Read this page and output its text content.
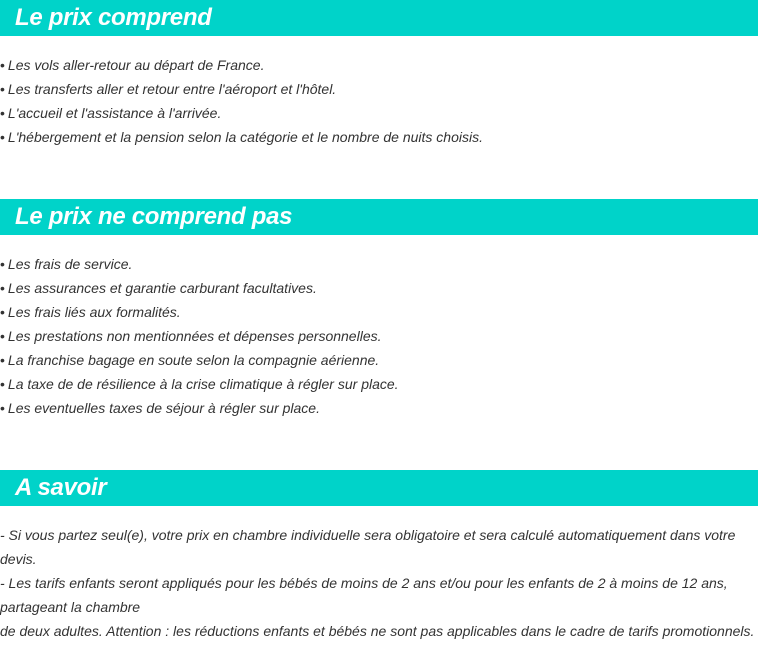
Le prix comprend
• Les vols aller-retour au départ de France.
• Les transferts aller et retour entre l'aéroport et l'hôtel.
• L'accueil et l'assistance à l'arrivée.
• L'hébergement et la pension selon la catégorie et le nombre de nuits choisis.
Le prix ne comprend pas
• Les frais de service.
• Les assurances et garantie carburant facultatives.
• Les frais liés aux formalités.
• Les prestations non mentionnées et dépenses personnelles.
• La franchise bagage en soute selon la compagnie aérienne.
• La taxe de de résilience à la crise climatique à régler sur place.
• Les eventuelles taxes de séjour à régler sur place.
A savoir
- Si vous partez seul(e), votre prix en chambre individuelle sera obligatoire et sera calculé automatiquement dans votre
devis.
- Les tarifs enfants seront appliqués pour les bébés de moins de 2 ans et/ou pour les enfants de 2 à moins de 12 ans,
partageant la chambre
de deux adultes. Attention : les réductions enfants et bébés ne sont pas applicables dans le cadre de tarifs promotionnels.
